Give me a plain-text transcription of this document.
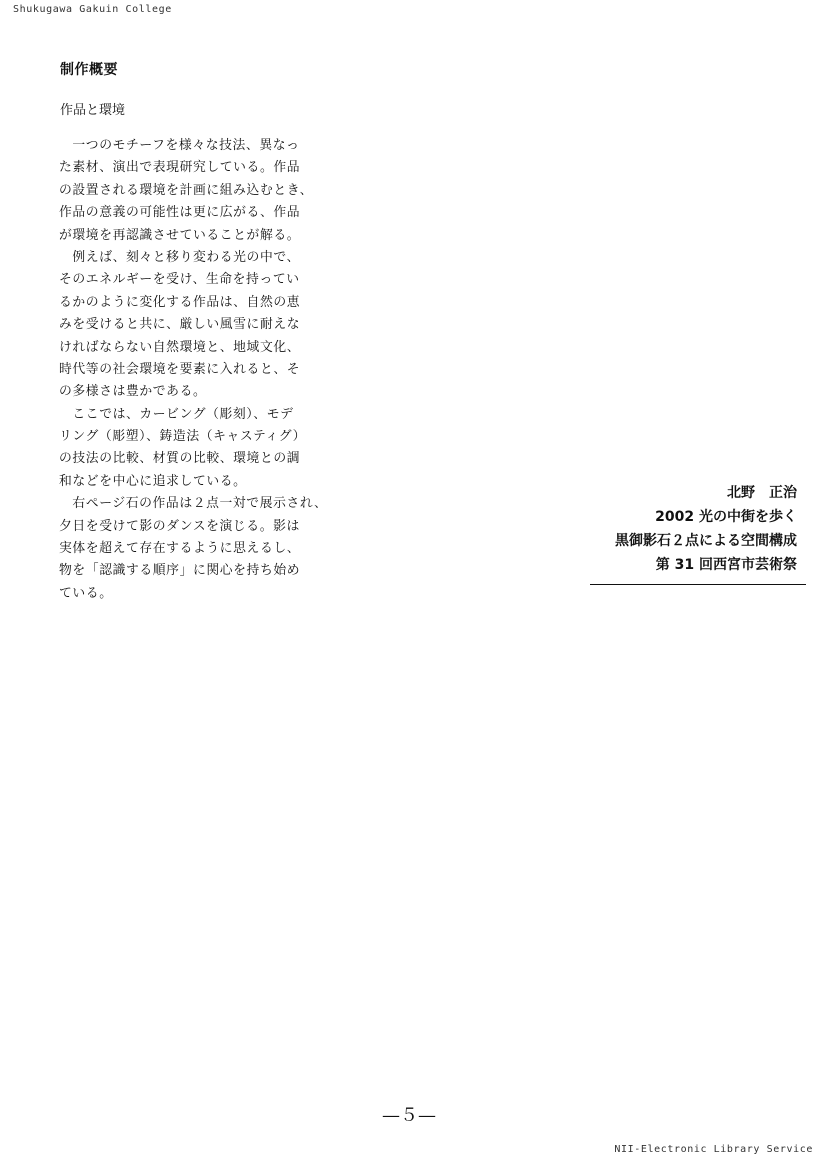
Shukugawa Gakuin College
制作概要
作品と環境
　一つのモチーフを様々な技法、異なっ
た素材、演出で表現研究している。作品
の設置される環境を計画に組み込むとき、
作品の意義の可能性は更に広がる、作品
が環境を再認識させていることが解る。
　例えば、刻々と移り変わる光の中で、
そのエネルギーを受け、生命を持ってい
るかのように変化する作品は、自然の恵
みを受けると共に、厳しい風雪に耐えな
ければならない自然環境と、地域文化、
時代等の社会環境を要素に入れると、そ
の多様さは豊かである。
　ここでは、カービング（彫刻）、モデ
リング（彫塑）、鋳造法（キャスティグ）
の技法の比較、材質の比較、環境との調
和などを中心に追求している。
　右ページ石の作品は２点一対で展示され、
夕日を受けて影のダンスを演じる。影は
実体を超えて存在するように思えるし、
物を「認識する順序」に関心を持ち始め
ている。
北野　正治
2002 光の中街を歩く
黒御影石２点による空間構成
第 31 回西宮市芸術祭
—５—
NII-Electronic Library Service
